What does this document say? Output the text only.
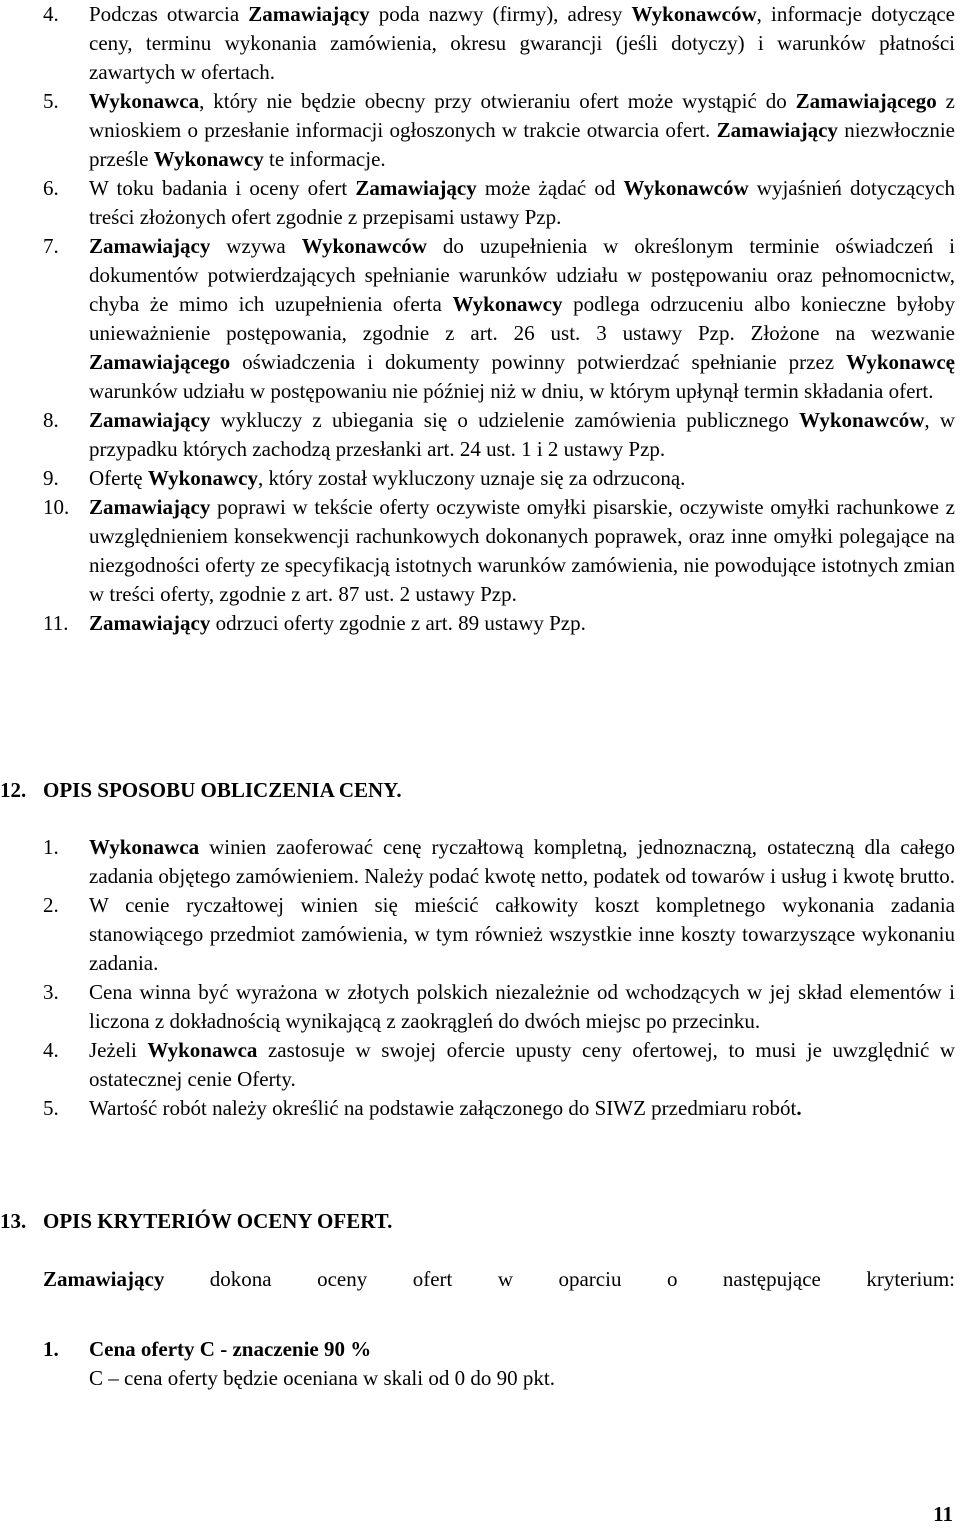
4. Podczas otwarcia Zamawiający poda nazwy (firmy), adresy Wykonawców, informacje dotyczące ceny, terminu wykonania zamówienia, okresu gwarancji (jeśli dotyczy) i warunków płatności zawartych w ofertach.
5. Wykonawca, który nie będzie obecny przy otwieraniu ofert może wystąpić do Zamawiającego z wnioskiem o przesłanie informacji ogłoszonych w trakcie otwarcia ofert. Zamawiający niezwłocznie prześle Wykonawcy te informacje.
6. W toku badania i oceny ofert Zamawiający może żądać od Wykonawców wyjaśnień dotyczących treści złożonych ofert zgodnie z przepisami ustawy Pzp.
7. Zamawiający wzywa Wykonawców do uzupełnienia w określonym terminie oświadczeń i dokumentów potwierdzających spełnianie warunków udziału w postępowaniu oraz pełnomocnictw, chyba że mimo ich uzupełnienia oferta Wykonawcy podlega odrzuceniu albo konieczne byłoby unieważnienie postępowania, zgodnie z art. 26 ust. 3 ustawy Pzp. Złożone na wezwanie Zamawiającego oświadczenia i dokumenty powinny potwierdzać spełnianie przez Wykonawcę warunków udziału w postępowaniu nie później niż w dniu, w którym upłynął termin składania ofert.
8. Zamawiający wykluczy z ubiegania się o udzielenie zamówienia publicznego Wykonawców, w przypadku których zachodzą przesłanki art. 24 ust. 1 i 2 ustawy Pzp.
9. Ofertę Wykonawcy, który został wykluczony uznaje się za odrzuconą.
10. Zamawiający poprawi w tekście oferty oczywiste omyłki pisarskie, oczywiste omyłki rachunkowe z uwzględnieniem konsekwencji rachunkowych dokonanych poprawek, oraz inne omyłki polegające na niezgodności oferty ze specyfikacją istotnych warunków zamówienia, nie powodujące istotnych zmian w treści oferty, zgodnie z art. 87 ust. 2 ustawy Pzp.
11. Zamawiający odrzuci oferty zgodnie z art. 89 ustawy Pzp.
12. OPIS SPOSOBU OBLICZENIA CENY.
1. Wykonawca winien zaoferować cenę ryczałtową kompletną, jednoznaczną, ostateczną dla całego zadania objętego zamówieniem. Należy podać kwotę netto, podatek od towarów i usług i kwotę brutto.
2. W cenie ryczałtowej winien się mieścić całkowity koszt kompletnego wykonania zadania stanowiącego przedmiot zamówienia, w tym również wszystkie inne koszty towarzyszące wykonaniu zadania.
3. Cena winna być wyrażona w złotych polskich niezależnie od wchodzących w jej skład elementów i liczona z dokładnością wynikającą z zaokrągleń do dwóch miejsc po przecinku.
4. Jeżeli Wykonawca zastosuje w swojej ofercie upusty ceny ofertowej, to musi je uwzględnić w ostatecznej cenie Oferty.
5. Wartość robót należy określić na podstawie załączonego do SIWZ przedmiaru robót.
13. OPIS KRYTERIÓW OCENY OFERT.
Zamawiający dokona oceny ofert w oparciu o następujące kryterium:
1. Cena oferty C - znaczenie 90 %
C – cena oferty będzie oceniana w skali od 0 do 90 pkt.
11
